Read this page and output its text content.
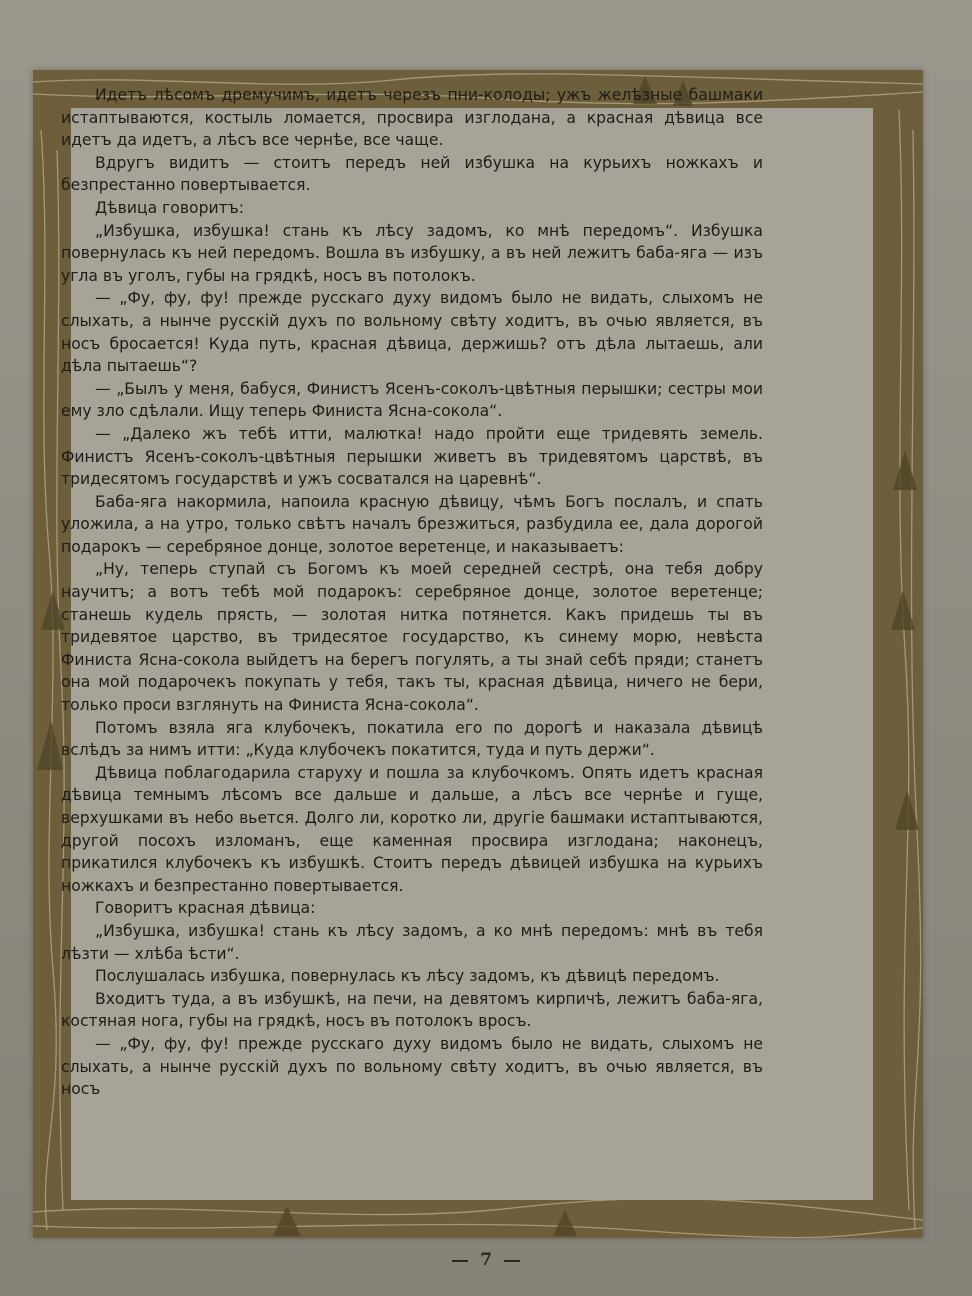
Идетъ лѣсомъ дремучимъ, идетъ черезъ пни-колоды; ужъ желѣзные башмаки истаптываются, костыль ломается, просвира изглодана, а красная дѣвица все идетъ да идетъ, а лѣсъ все чернѣе, все чаще.

Вдругъ видитъ — стоитъ передъ ней избушка на курьихъ ножкахъ и безпрестанно повертывается.

Дѣвица говоритъ:

„Избушка, избушка! стань къ лѣсу задомъ, ко мнѣ передомъ“. Избушка повернулась къ ней передомъ. Вошла въ избушку, а въ ней лежитъ баба-яга — изъ угла въ уголъ, губы на грядкѣ, носъ въ потолокъ.

— „Фу, фу, фу! прежде русскаго духу видомъ было не видать, слыхомъ не слыхать, а нынче русскій духъ по вольному свѣту ходитъ, въ очью является, въ носъ бросается! Куда путь, красная дѣвица, держишь? отъ дѣла лытаешь, али дѣла пытаешь“?

— „Былъ у меня, бабуся, Финистъ Ясенъ-соколъ-цвѣтныя перышки; сестры мои ему зло сдѣлали. Ищу теперь Финиста Ясна-сокола“.

— „Далеко жъ тебѣ итти, малютка! надо пройти еще тридевять земель. Финистъ Ясенъ-соколъ-цвѣтныя перышки живетъ въ тридевятомъ царствѣ, въ тридесятомъ государствѣ и ужъ сосватался на царевнѣ“.

Баба-яга накормила, напоила красную дѣвицу, чѣмъ Богъ послалъ, и спать уложила, а на утро, только свѣтъ началъ брезжиться, разбудила ее, дала дорогой подарокъ — серебряное донце, золотое веретенце, и наказываетъ:

„Ну, теперь ступай съ Богомъ къ моей середней сестрѣ, она тебя добру научитъ; а вотъ тебѣ мой подарокъ: серебряное донце, золотое веретенце; станешь кудель прясть, — золотая нитка потянется. Какъ придешь ты въ тридевятое царство, въ тридесятое государство, къ синему морю, невѣста Финиста Ясна-сокола выйдетъ на берегъ погулять, а ты знай себѣ пряди; станетъ она мой подарочекъ покупать у тебя, такъ ты, красная дѣвица, ничего не бери, только проси взглянуть на Финиста Ясна-сокола“.

Потомъ взяла яга клубочекъ, покатила его по дорогѣ и наказала дѣвицѣ вслѣдъ за нимъ итти: „Куда клубочекъ покатится, туда и путь держи“.

Дѣвица поблагодарила старуху и пошла за клубочкомъ. Опять идетъ красная дѣвица темнымъ лѣсомъ все дальше и дальше, а лѣсъ все чернѣе и гуще, верхушками въ небо вьется. Долго ли, коротко ли, другіе башмаки истаптываются, другой посохъ изломанъ, еще каменная просвира изглодана; наконецъ, прикатился клубочекъ къ избушкѣ. Стоитъ передъ дѣвицей избушка на курьихъ ножкахъ и безпрестанно повертывается.

Говоритъ красная дѣвица:

„Избушка, избушка! стань къ лѣсу задомъ, а ко мнѣ передомъ: мнѣ въ тебя лѣзти — хлѣба ѣсти“.

Послушалась избушка, повернулась къ лѣсу задомъ, къ дѣвицѣ передомъ.

Входитъ туда, а въ избушкѣ, на печи, на девятомъ кирпичѣ, лежитъ баба-яга, костяная нога, губы на грядкѣ, носъ въ потолокъ вросъ.

— „Фу, фу, фу! прежде русскаго духу видомъ было не видать, слыхомъ не слыхать, а нынче русскій духъ по вольному свѣту ходитъ, въ очью является, въ носъ

7
